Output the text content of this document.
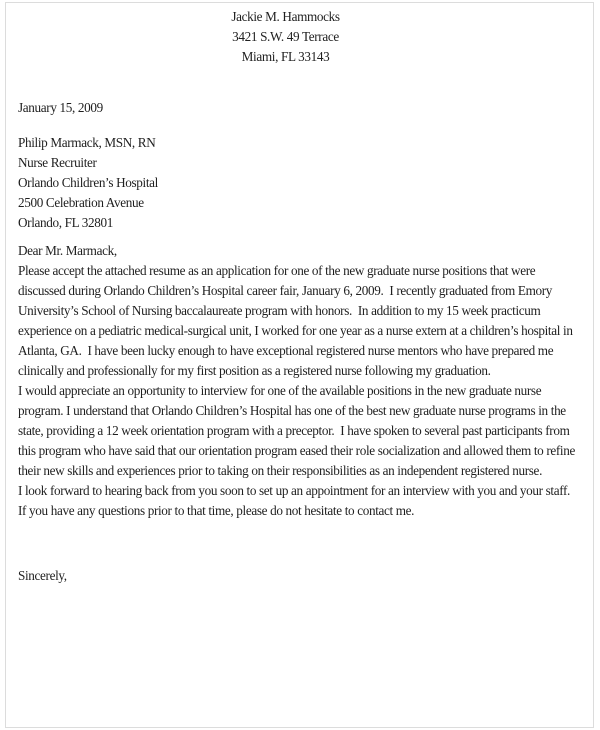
Jackie M. Hammocks
3421 S.W. 49 Terrace
Miami, FL 33143
January 15, 2009
Philip Marmack, MSN, RN
Nurse Recruiter
Orlando Children’s Hospital
2500 Celebration Avenue
Orlando, FL 32801
Dear Mr. Marmack,

Please accept the attached resume as an application for one of the new graduate nurse positions that were discussed during Orlando Children’s Hospital career fair, January 6, 2009.  I recently graduated from Emory University’s School of Nursing baccalaureate program with honors.  In addition to my 15 week practicum experience on a pediatric medical-surgical unit, I worked for one year as a nurse extern at a children’s hospital in Atlanta, GA.  I have been lucky enough to have exceptional registered nurse mentors who have prepared me clinically and professionally for my first position as a registered nurse following my graduation.

I would appreciate an opportunity to interview for one of the available positions in the new graduate nurse program. I understand that Orlando Children’s Hospital has one of the best new graduate nurse programs in the state, providing a 12 week orientation program with a preceptor.  I have spoken to several past participants from this program who have said that our orientation program eased their role socialization and allowed them to refine their new skills and experiences prior to taking on their responsibilities as an independent registered nurse.

I look forward to hearing back from you soon to set up an appointment for an interview with you and your staff.  If you have any questions prior to that time, please do not hesitate to contact me.

Sincerely,
